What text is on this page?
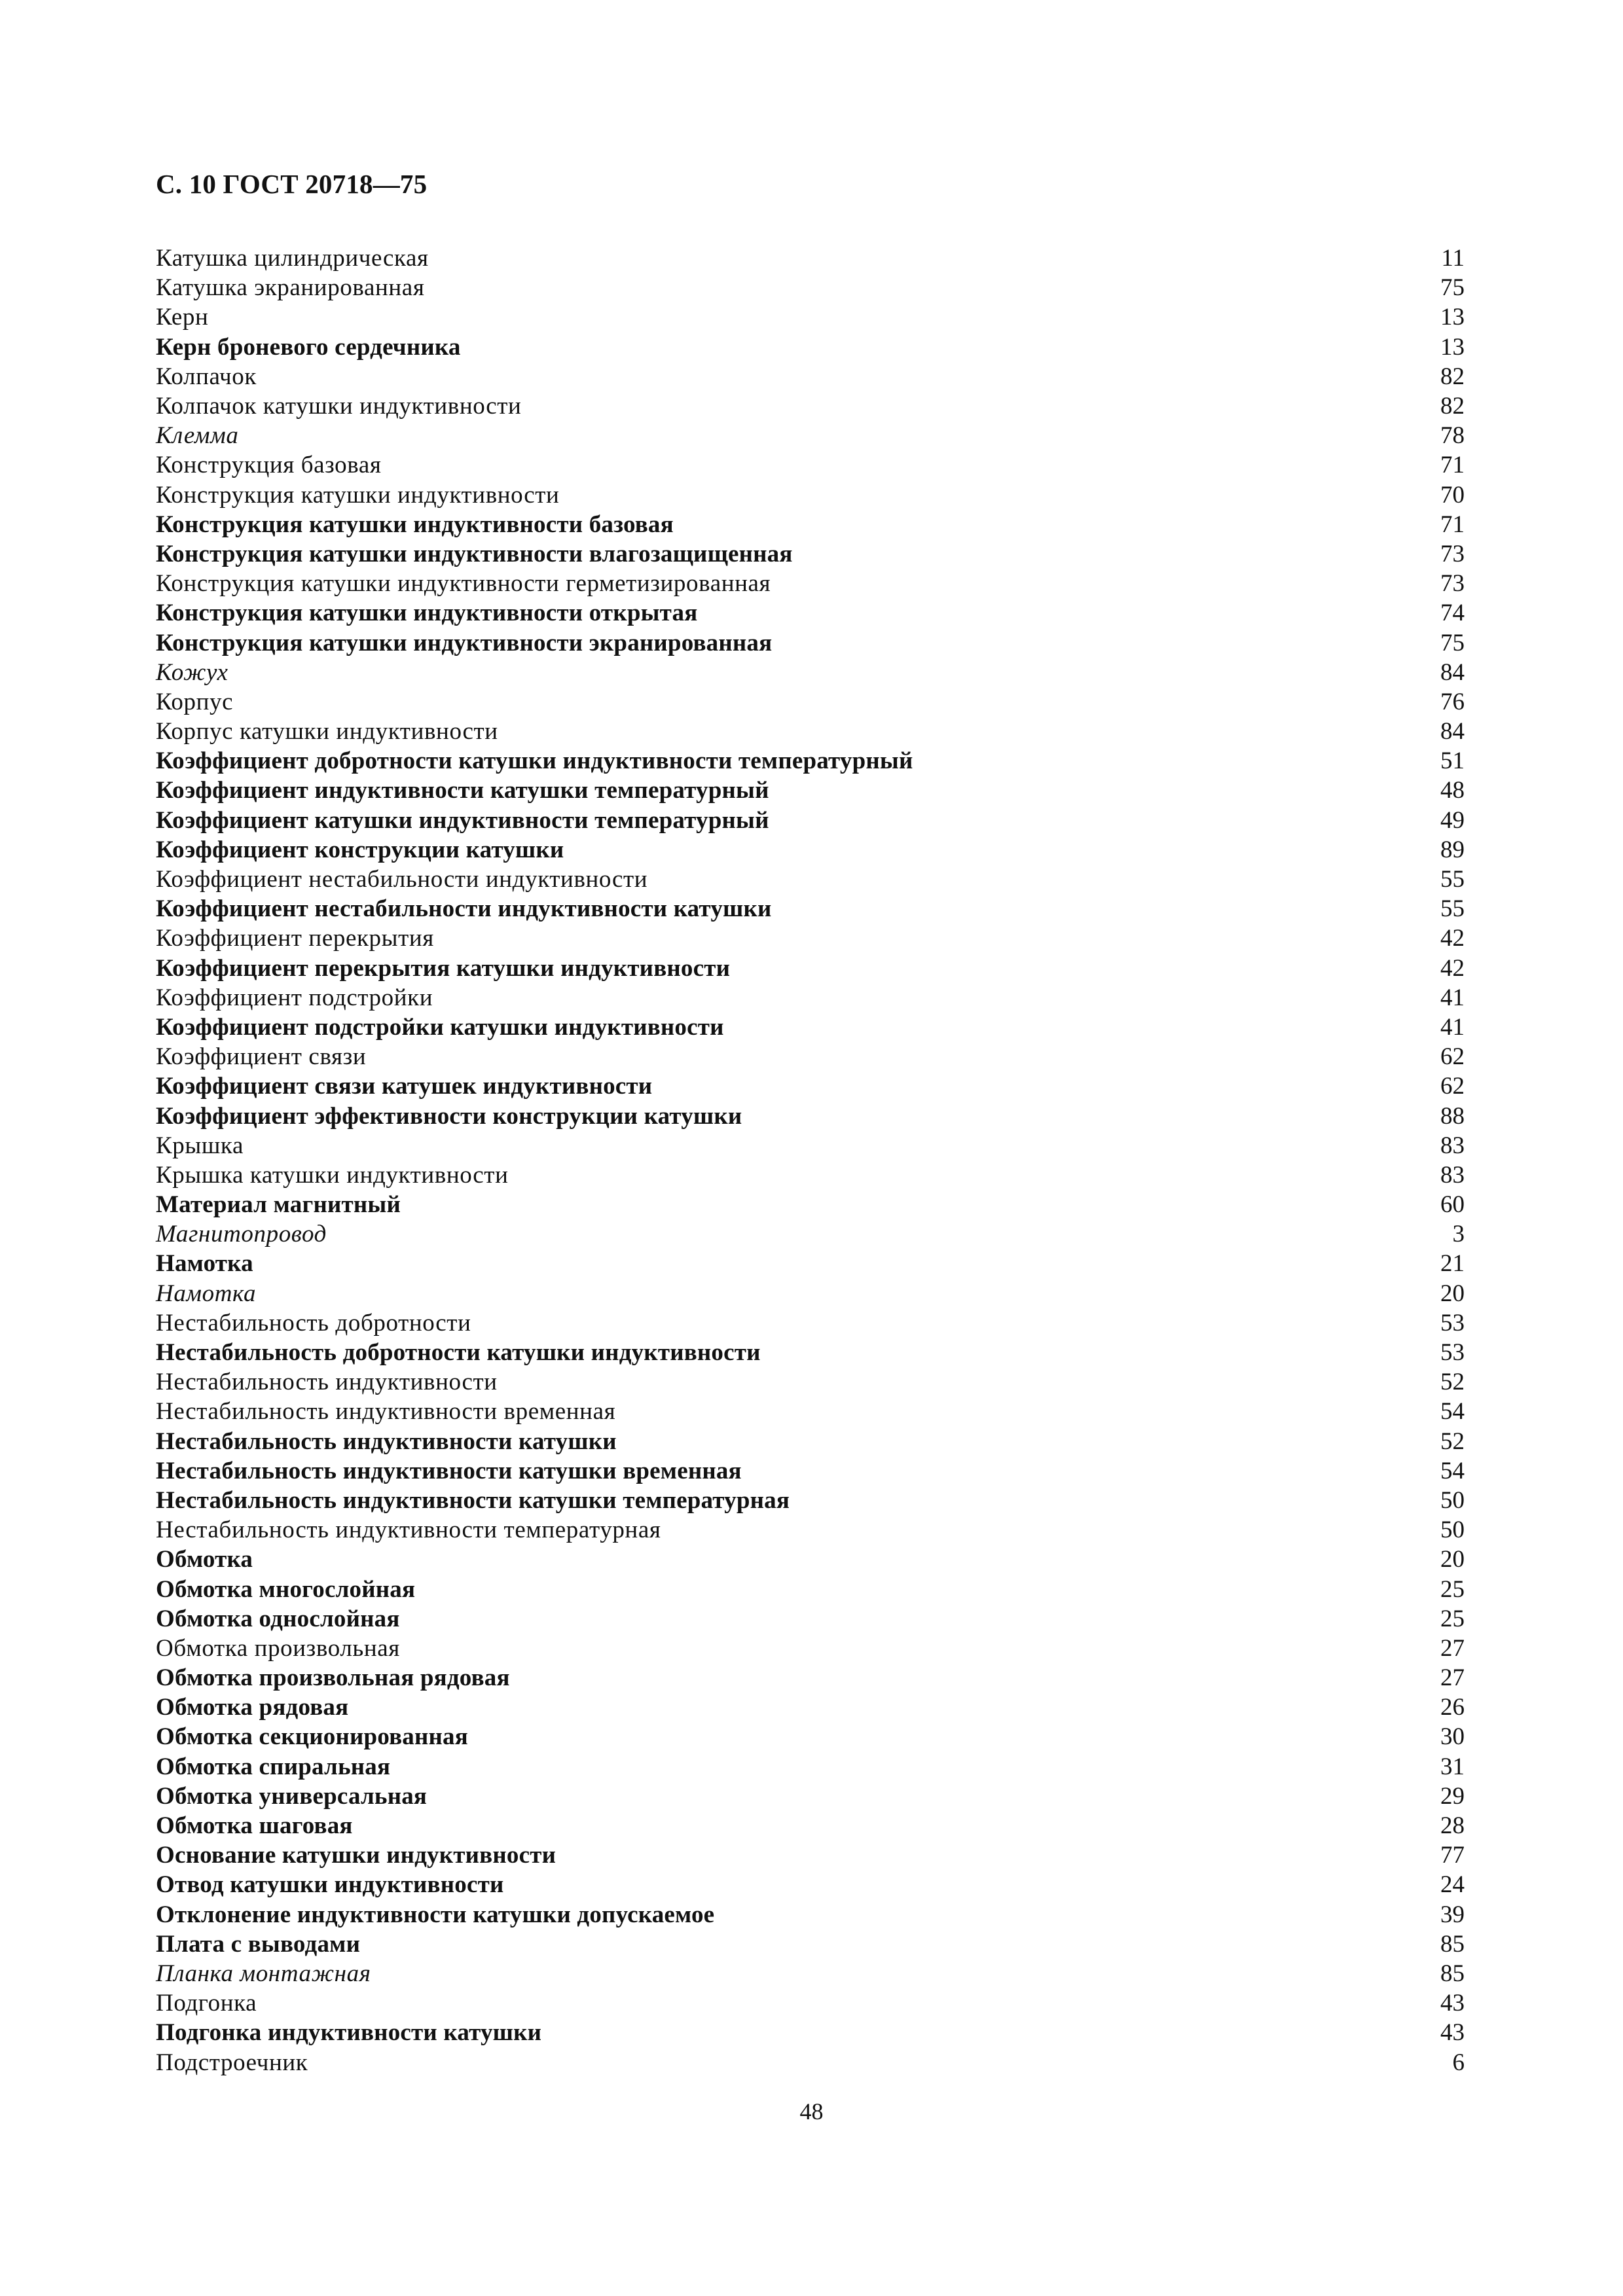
С. 10 ГОСТ 20718—75
Катушка цилиндрическая	11
Катушка экранированная	75
Керн	13
Керн броневого сердечника	13
Колпачок	82
Колпачок катушки индуктивности	82
Клемма	78
Конструкция базовая	71
Конструкция катушки индуктивности	70
Конструкция катушки индуктивности базовая	71
Конструкция катушки индуктивности влагозащищенная	73
Конструкция катушки индуктивности герметизированная	73
Конструкция катушки индуктивности открытая	74
Конструкция катушки индуктивности экранированная	75
Кожух	84
Корпус	76
Корпус катушки индуктивности	84
Коэффициент добротности катушки индуктивности температурный	51
Коэффициент индуктивности катушки температурный	48
Коэффициент катушки индуктивности температурный	49
Коэффициент конструкции катушки	89
Коэффициент нестабильности индуктивности	55
Коэффициент нестабильности индуктивности катушки	55
Коэффициент перекрытия	42
Коэффициент перекрытия катушки индуктивности	42
Коэффициент подстройки	41
Коэффициент подстройки катушки индуктивности	41
Коэффициент связи	62
Коэффициент связи катушек индуктивности	62
Коэффициент эффективности конструкции катушки	88
Крышка	83
Крышка катушки индуктивности	83
Материал магнитный	60
Магнитопровод	3
Намотка	21
Намотка	20
Нестабильность добротности	53
Нестабильность добротности катушки индуктивности	53
Нестабильность индуктивности	52
Нестабильность индуктивности временная	54
Нестабильность индуктивности катушки	52
Нестабильность индуктивности катушки временная	54
Нестабильность индуктивности катушки температурная	50
Нестабильность индуктивности температурная	50
Обмотка	20
Обмотка многослойная	25
Обмотка однослойная	25
Обмотка произвольная	27
Обмотка произвольная рядовая	27
Обмотка рядовая	26
Обмотка секционированная	30
Обмотка спиральная	31
Обмотка универсальная	29
Обмотка шаговая	28
Основание катушки индуктивности	77
Отвод катушки индуктивности	24
Отклонение индуктивности катушки допускаемое	39
Плата с выводами	85
Планка монтажная	85
Подгонка	43
Подгонка индуктивности катушки	43
Подстроечник	6
48
